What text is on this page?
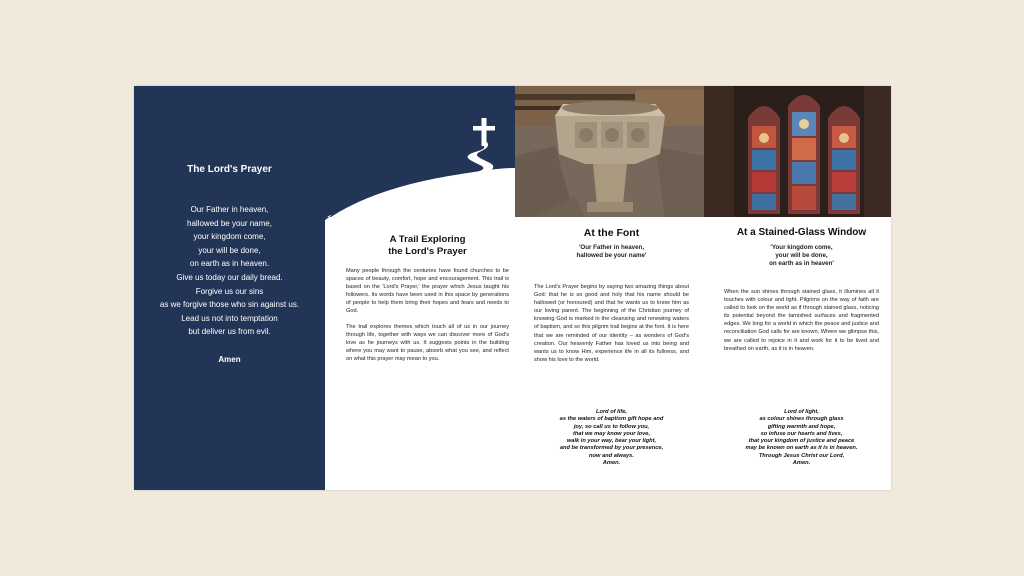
The Lord's Prayer
Our Father in heaven,
hallowed be your name,
your kingdom come,
your will be done,
on earth as in heaven.
Give us today our daily bread.
Forgive us our sins
as we forgive those who sin against us.
Lead us not into temptation
but deliver us from evil.
Amen
A Trail Exploring
the Lord's Prayer

Many people through the centuries have found churches to be spaces of beauty, comfort, hope and encouragement. This trail is based on the 'Lord's Prayer,' the prayer which Jesus taught his followers. Its words have been used in this space by generations of people to help them bring their hopes and fears and needs to God.

The trail explores themes which touch all of us in our journey through life, together with ways we can discover more of God's love as he journeys with us. It suggests points in the building where you may want to pause, absorb what you see, and reflect on what this prayer may mean to you.

At the Font
'Our Father in heaven,
hallowed be your name'
The Lord's Prayer begins by saying two amazing things about God: that he is so good and holy that his name should be hallowed (or honoured) and that he wants us to know him as our loving parent. The beginning of the Christian journey of knowing God is marked in the cleansing and renewing waters of baptism, and so this pilgrim trail begins at the font. It is here that we are reminded of our identity – as wonders of God's creation. Our heavenly Father has loved us into being and wants us to know Him, experience life in all its fullness, and show his love to the world.
Lord of life,
as the waters of baptism gift hope and
joy, so call us to follow you,
that we may know your love,
walk in your way, bear your light,
and be transformed by your presence,
now and always.
Amen.
At a Stained-Glass Window
'Your kingdom come,
your will be done,
on earth as in heaven'
When the sun shines through stained glass, it illumines all it touches with colour and light. Pilgrims on the way of faith are called to look on the world as if through stained glass, noticing its potential beyond the tarnished surfaces and fragmented edges. We long for a world in which the peace and justice and reconciliation God calls for are known. Where we glimpse this, we are called to rejoice in it and work for it to be lived and breathed on earth, as it is in heaven.
Lord of light,
as colour shines through glass
gifting warmth and hope,
so infuse our hearts and lives,
that your kingdom of justice and peace
may be known on earth as it is in heaven.
Through Jesus Christ our Lord,
Amen.
